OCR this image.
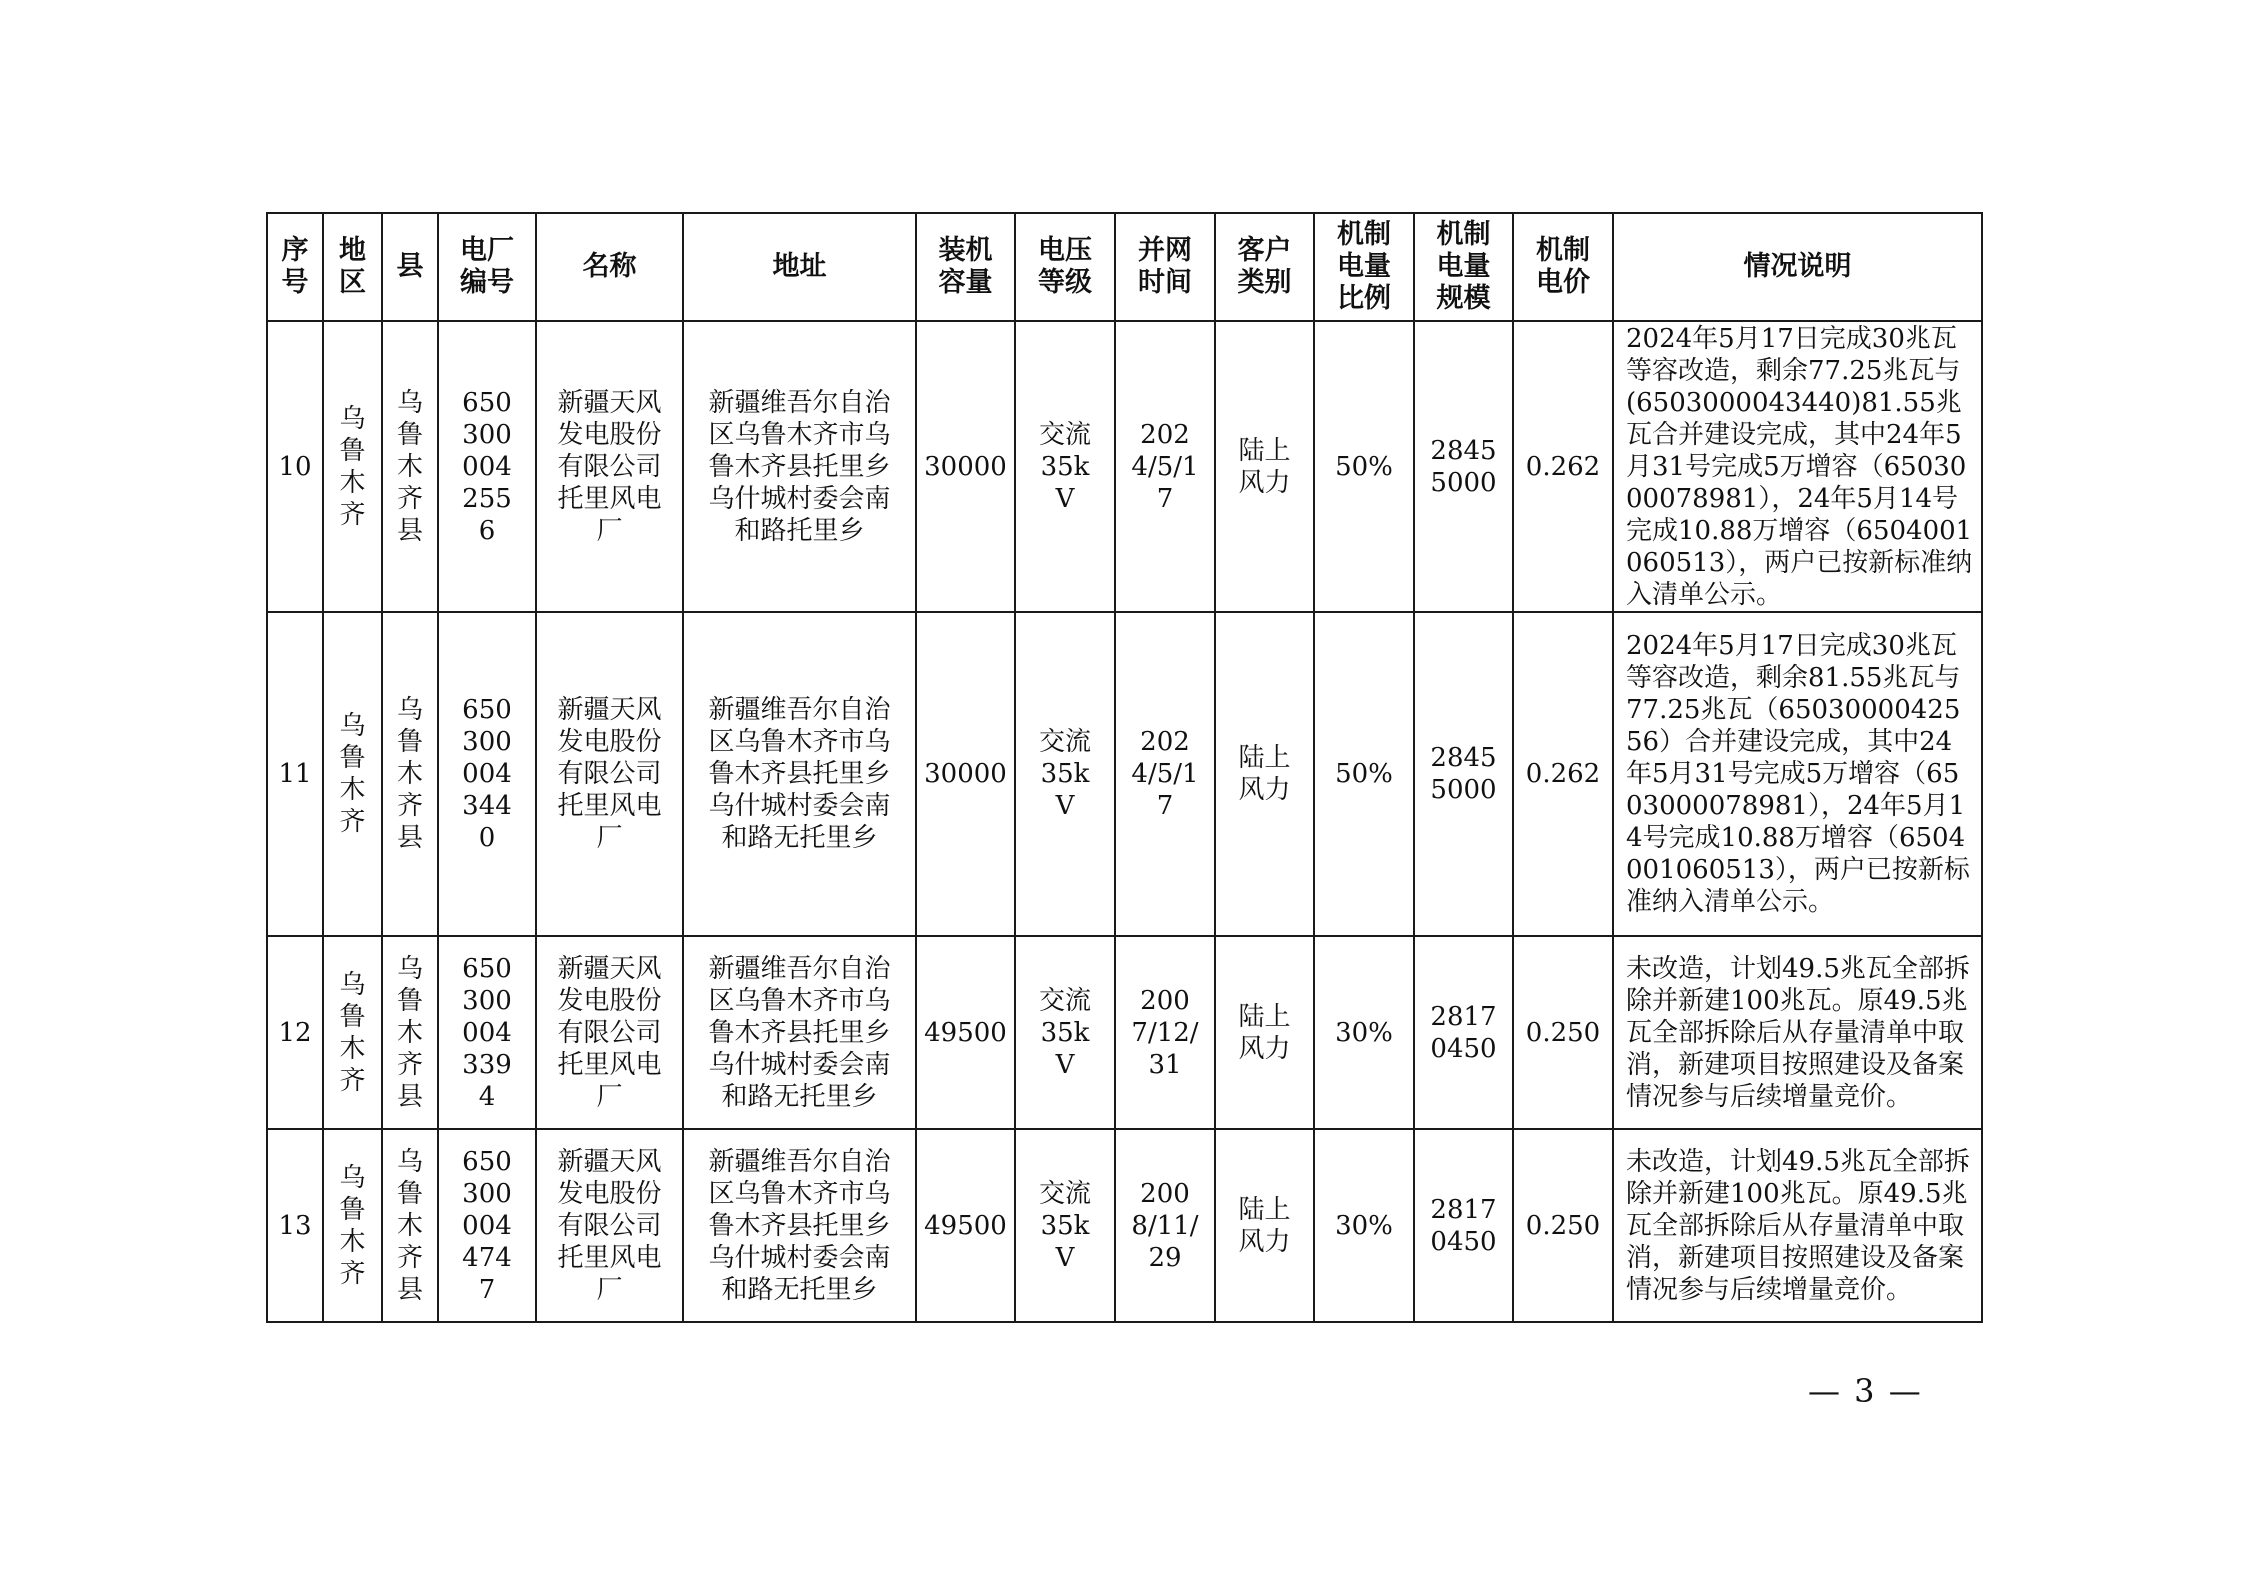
序号	地区	县	电厂编号	名称	地址	装机容量	电压等级	并网时间	客户类别	机制电量比例	机制电量规模	机制电价	情况说明
10	乌鲁木齐	乌鲁木齐县	6503000042556	新疆天风发电股份有限公司托里风电厂	新疆维吾尔自治区乌鲁木齐市乌鲁木齐县托里乡乌什城村委会南和路托里乡	30000	交流35kV	2024/5/17	陆上风力	50%	28455000	0.262	2024年5月17日完成30兆瓦等容改造，剩余77.25兆瓦与(6503000043440)81.55兆瓦合并建设完成，其中24年5月31号完成5万增容（6503000078981），24年5月14号完成10.88万增容（6504001060513），两户已按新标准纳入清单公示。
11	乌鲁木齐	乌鲁木齐县	6503000043440	新疆天风发电股份有限公司托里风电厂	新疆维吾尔自治区乌鲁木齐市乌鲁木齐县托里乡乌什城村委会南和路无托里乡	30000	交流35kV	2024/5/17	陆上风力	50%	28455000	0.262	2024年5月17日完成30兆瓦等容改造，剩余81.55兆瓦与77.25兆瓦（6503000042556）合并建设完成，其中24年5月31号完成5万增容（6503000078981），24年5月14号完成10.88万增容（6504001060513），两户已按新标准纳入清单公示。
12	乌鲁木齐	乌鲁木齐县	6503000043394	新疆天风发电股份有限公司托里风电厂	新疆维吾尔自治区乌鲁木齐市乌鲁木齐县托里乡乌什城村委会南和路无托里乡	49500	交流35kV	2007/12/31	陆上风力	30%	28170450	0.250	未改造，计划49.5兆瓦全部拆除并新建100兆瓦。原49.5兆瓦全部拆除后从存量清单中取消，新建项目按照建设及备案情况参与后续增量竞价。
13	乌鲁木齐	乌鲁木齐县	6503000044747	新疆天风发电股份有限公司托里风电厂	新疆维吾尔自治区乌鲁木齐市乌鲁木齐县托里乡乌什城村委会南和路无托里乡	49500	交流35kV	2008/11/29	陆上风力	30%	28170450	0.250	未改造，计划49.5兆瓦全部拆除并新建100兆瓦。原49.5兆瓦全部拆除后从存量清单中取消，新建项目按照建设及备案情况参与后续增量竞价。
— 3 —
